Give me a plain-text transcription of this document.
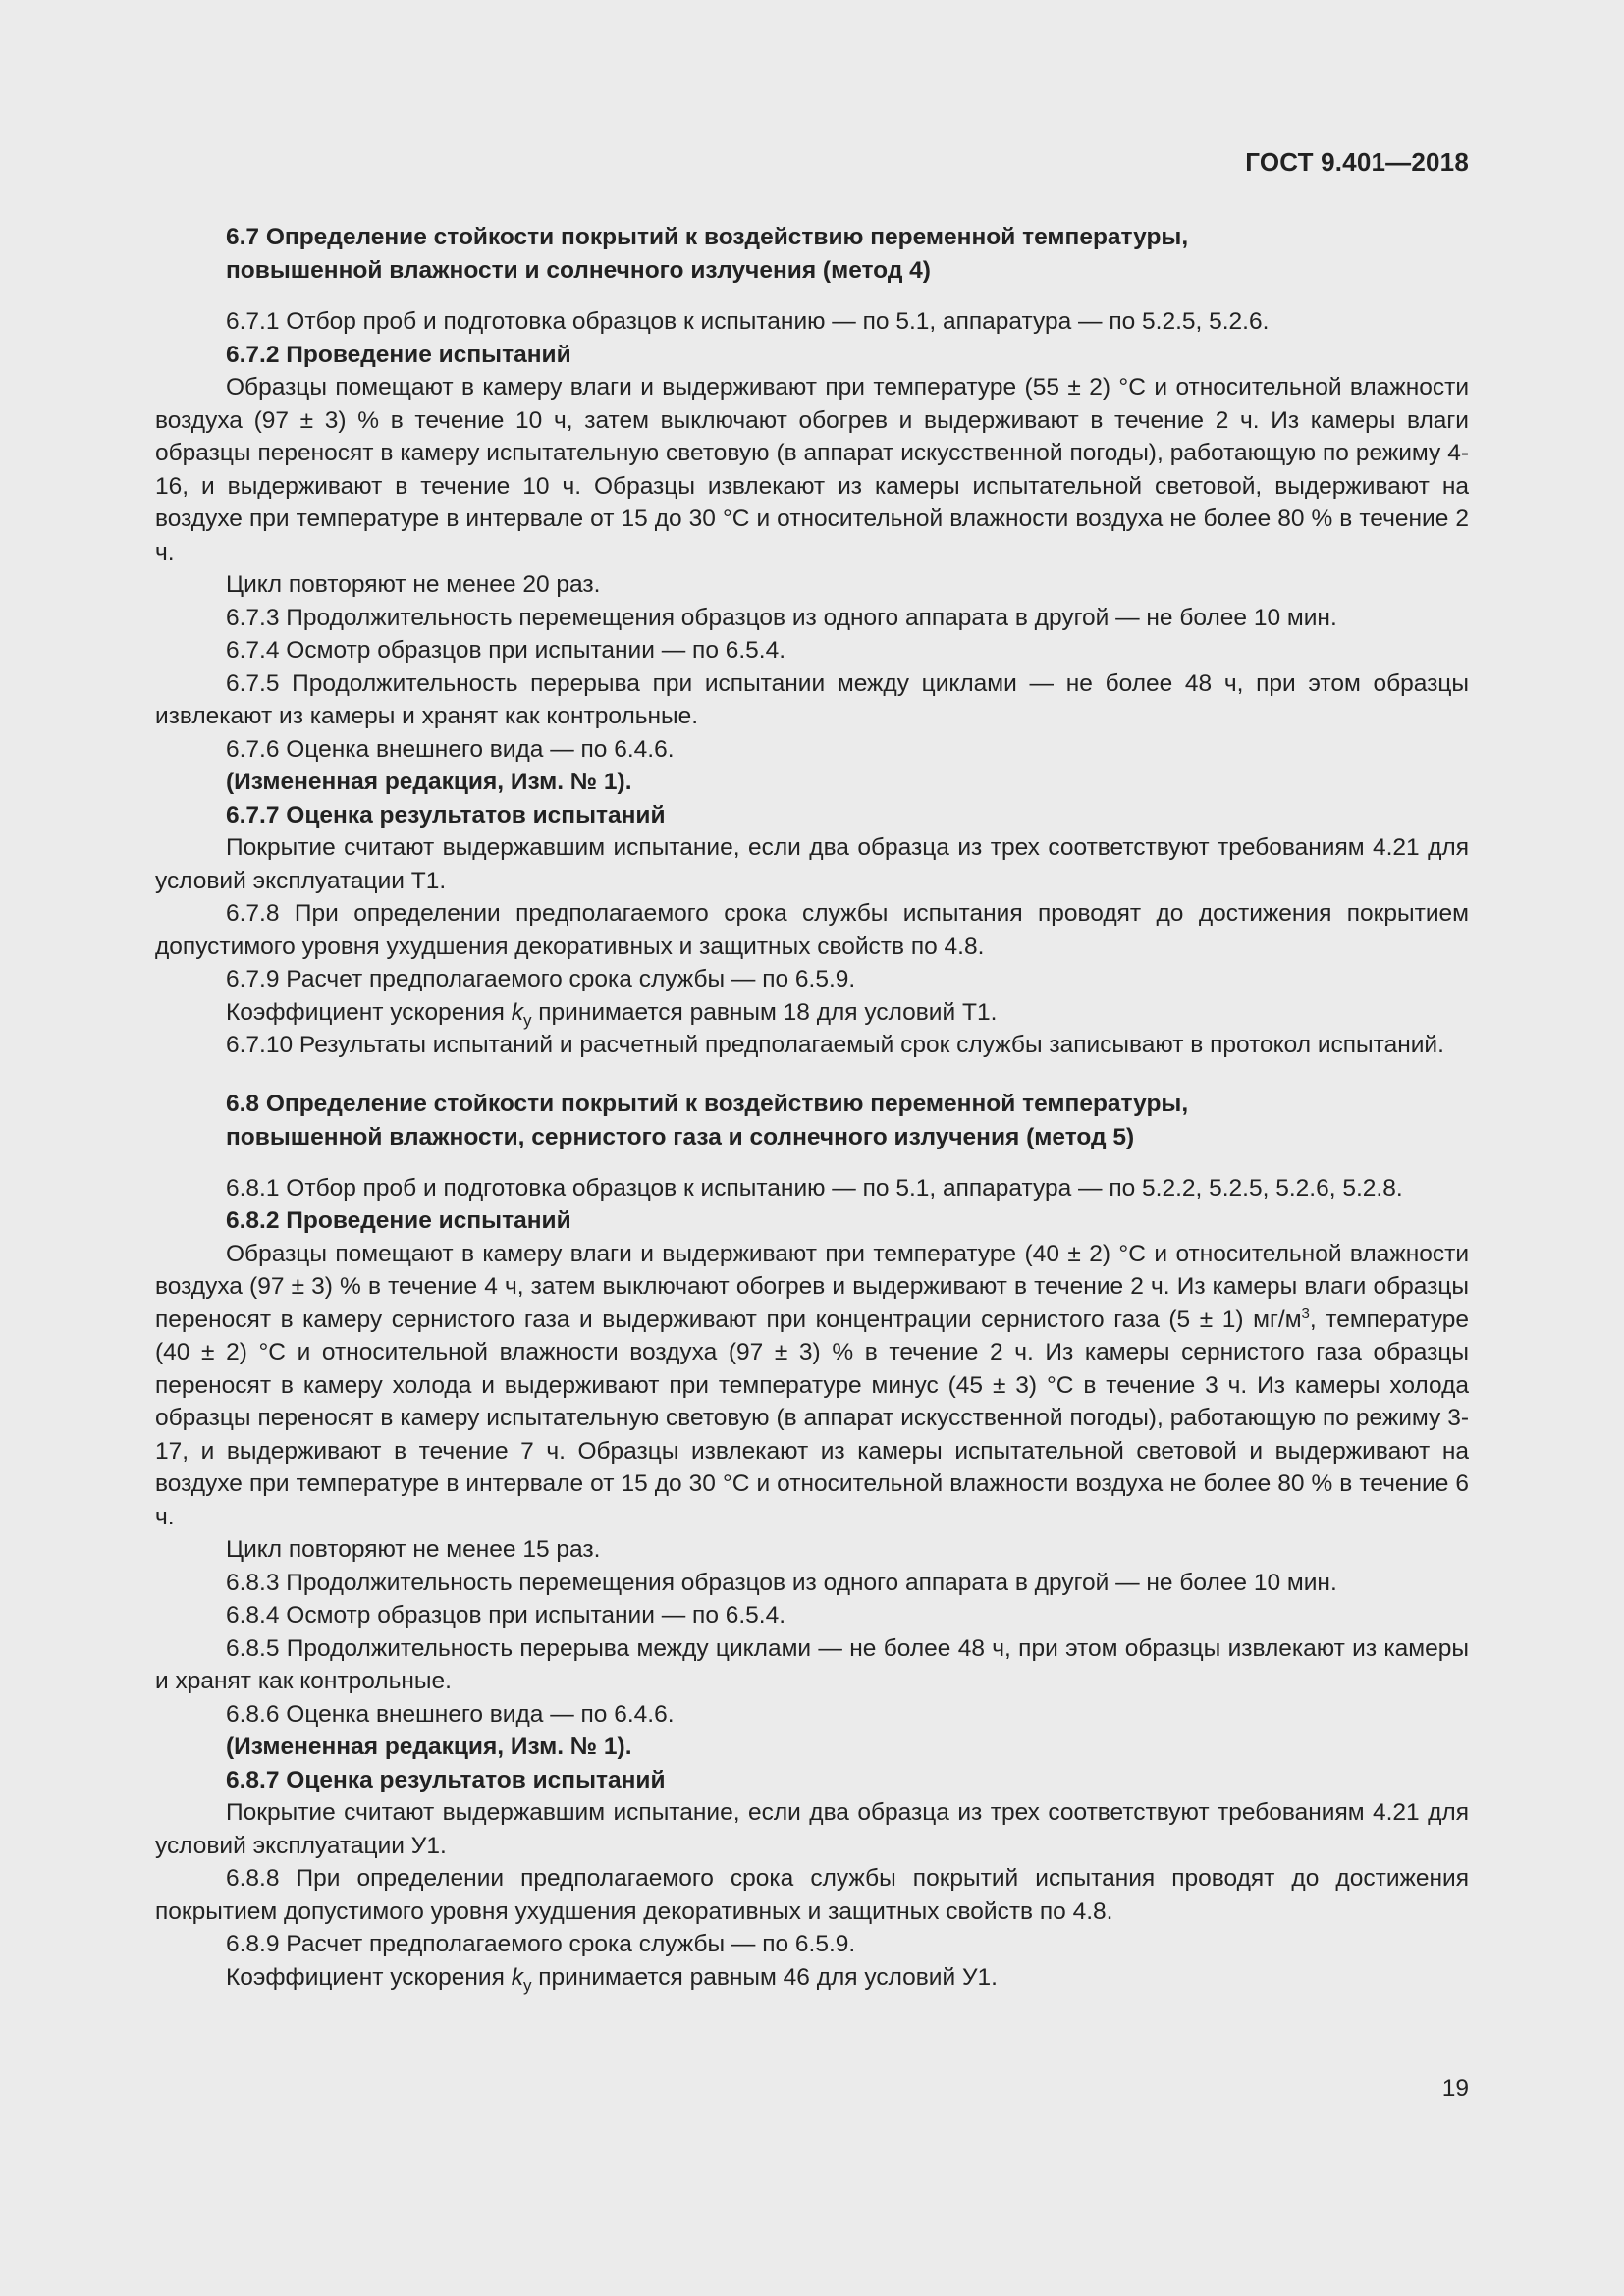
ГОСТ 9.401—2018

6.7 Определение стойкости покрытий к воздействию переменной температуры,
повышенной влажности и солнечного излучения (метод 4)

6.7.1 Отбор проб и подготовка образцов к испытанию — по 5.1, аппаратура — по 5.2.5, 5.2.6.

6.7.2 Проведение испытаний

Образцы помещают в камеру влаги и выдерживают при температуре (55 ± 2) °С и относительной влажности воздуха (97 ± 3) % в течение 10 ч, затем выключают обогрев и выдерживают в течение 2 ч. Из камеры влаги образцы переносят в камеру испытательную световую (в аппарат искусственной погоды), работающую по режиму 4-16, и выдерживают в течение 10 ч. Образцы извлекают из камеры испытательной световой, выдерживают на воздухе при температуре в интервале от 15 до 30 °С и относительной влажности воздуха не более 80 % в течение 2 ч.

Цикл повторяют не менее 20 раз.

6.7.3 Продолжительность перемещения образцов из одного аппарата в другой — не более 10 мин.

6.7.4 Осмотр образцов при испытании — по 6.5.4.

6.7.5 Продолжительность перерыва при испытании между циклами — не более 48 ч, при этом образцы извлекают из камеры и хранят как контрольные.

6.7.6 Оценка внешнего вида — по 6.4.6.

(Измененная редакция, Изм. № 1).

6.7.7 Оценка результатов испытаний

Покрытие считают выдержавшим испытание, если два образца из трех соответствуют требованиям 4.21 для условий эксплуатации Т1.

6.7.8 При определении предполагаемого срока службы испытания проводят до достижения покрытием допустимого уровня ухудшения декоративных и защитных свойств по 4.8.

6.7.9 Расчет предполагаемого срока службы — по 6.5.9.

Коэффициент ускорения $k_у$ принимается равным 18 для условий Т1.

6.7.10 Результаты испытаний и расчетный предполагаемый срок службы записывают в протокол испытаний.

6.8 Определение стойкости покрытий к воздействию переменной температуры,
повышенной влажности, сернистого газа и солнечного излучения (метод 5)

6.8.1 Отбор проб и подготовка образцов к испытанию — по 5.1, аппаратура — по 5.2.2, 5.2.5, 5.2.6, 5.2.8.

6.8.2 Проведение испытаний

Образцы помещают в камеру влаги и выдерживают при температуре (40 ± 2) °С и относительной влажности воздуха (97 ± 3) % в течение 4 ч, затем выключают обогрев и выдерживают в течение 2 ч. Из камеры влаги образцы переносят в камеру сернистого газа и выдерживают при концентрации сернистого газа (5 ± 1) $мг/м^3$, температуре (40 ± 2) °С и относительной влажности воздуха (97 ± 3) % в течение 2 ч. Из камеры сернистого газа образцы переносят в камеру холода и выдерживают при температуре минус (45 ± 3) °С в течение 3 ч. Из камеры холода образцы переносят в камеру испытательную световую (в аппарат искусственной погоды), работающую по режиму 3-17, и выдерживают в течение 7 ч. Образцы извлекают из камеры испытательной световой и выдерживают на воздухе при температуре в интервале от 15 до 30 °С и относительной влажности воздуха не более 80 % в течение 6 ч.

Цикл повторяют не менее 15 раз.

6.8.3 Продолжительность перемещения образцов из одного аппарата в другой — не более 10 мин.

6.8.4 Осмотр образцов при испытании — по 6.5.4.

6.8.5 Продолжительность перерыва между циклами — не более 48 ч, при этом образцы извлекают из камеры и хранят как контрольные.

6.8.6 Оценка внешнего вида — по 6.4.6.

(Измененная редакция, Изм. № 1).

6.8.7 Оценка результатов испытаний

Покрытие считают выдержавшим испытание, если два образца из трех соответствуют требованиям 4.21 для условий эксплуатации У1.

6.8.8 При определении предполагаемого срока службы покрытий испытания проводят до достижения покрытием допустимого уровня ухудшения декоративных и защитных свойств по 4.8.

6.8.9 Расчет предполагаемого срока службы — по 6.5.9.

Коэффициент ускорения $k_у$ принимается равным 46 для условий У1.

19
